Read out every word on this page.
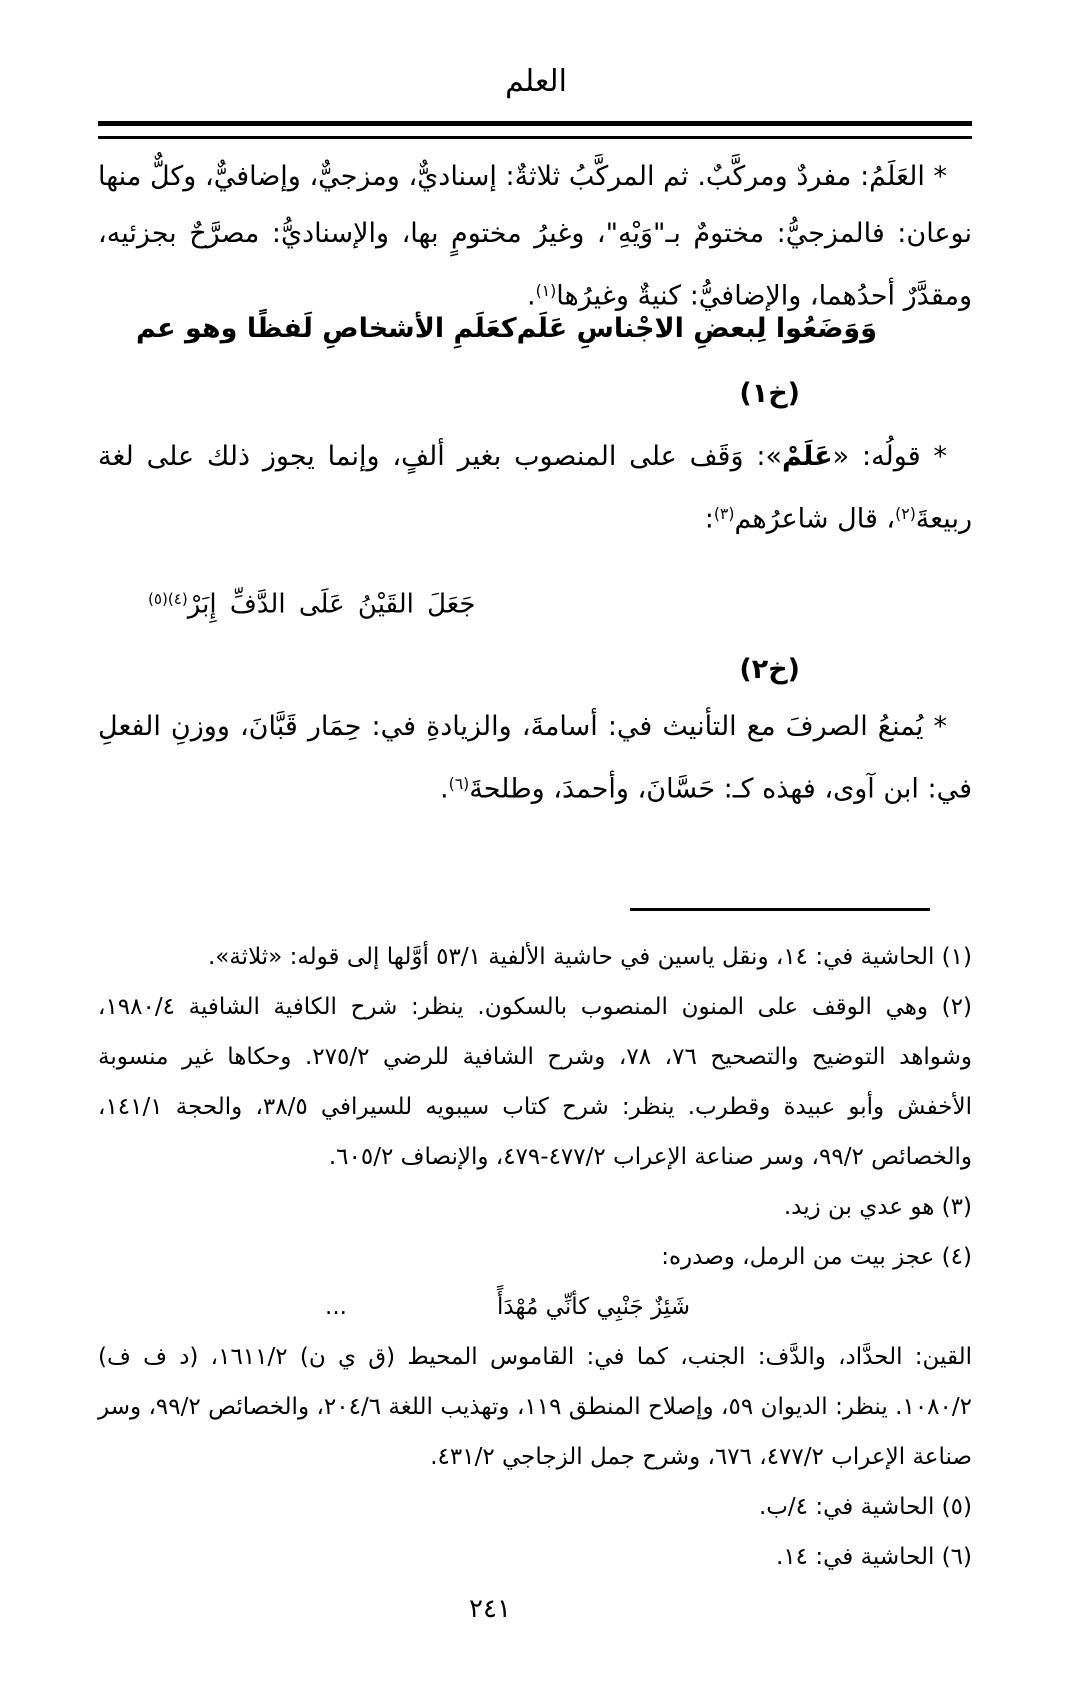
العلم
* العَلَمُ: مفردٌ ومركَّبٌ. ثم المركَّبُ ثلاثةٌ: إسناديٌّ، ومزجيٌّ، وإضافيٌّ، وكلٌّ منها نوعان: فالمزجيُّ: مختومٌ بـ"وَيْهِ"، وغيرُ مختومٍ بها، والإسناديُّ: مصرَّحٌ بجزئيه، ومقدَّرٌ أحدُهما، والإضافيُّ: كنيةٌ وغيرُها$^{(١)}$.
وَوَضَعُوا لِبعضِ الاجْناسِ عَلَم
كعَلَمِ الأشخاصِ لَفظًا وهو عم
(خ١)
* قولُه: «عَلَمْ»: وَقَف على المنصوب بغير ألفٍ، وإنما يجوز ذلك على لغة ربيعةَ$^{(٢)}$، قال شاعرُهم$^{(٣)}$:
جَعَلَ القَيْنُ عَلَى الدَّفِّ إِبَرْ$^{(٤)(٥)}$
(خ٢)
* يُمنعُ الصرفَ مع التأنيث في: أسامةَ، والزيادةِ في: حِمَار قَبَّانَ، ووزنِ الفعلِ في: ابن آوى، فهذه كـ: حَسَّانَ، وأحمدَ، وطلحةَ$^{(٦)}$.
(١) الحاشية في: ١٤، ونقل ياسين في حاشية الألفية ٥٣/١ أوَّلها إلى قوله: «ثلاثة».
(٢) وهي الوقف على المنون المنصوب بالسكون. ينظر: شرح الكافية الشافية ١٩٨٠/٤، وشواهد التوضيح والتصحيح ٧٦، ٧٨، وشرح الشافية للرضي ٢٧٥/٢. وحكاها غير منسوبة الأخفش وأبو عبيدة وقطرب. ينظر: شرح كتاب سيبويه للسيرافي ٣٨/٥، والحجة ١٤١/١، والخصائص ٩٩/٢، وسر صناعة الإعراب ٤٧٧/٢-٤٧٩، والإنصاف ٦٠٥/٢.
(٣) هو عدي بن زيد.
(٤) عجز بيت من الرمل، وصدره:
شَئِزٌ جَنْبِي كأنِّي مُهْدَأً
...
القين: الحدَّاد، والدَّف: الجنب، كما في: القاموس المحيط (ق ي ن) ١٦١١/٢، (د ف ف) ١٠٨٠/٢. ينظر: الديوان ٥٩، وإصلاح المنطق ١١٩، وتهذيب اللغة ٢٠٤/٦، والخصائص ٩٩/٢، وسر صناعة الإعراب ٤٧٧/٢، ٦٧٦، وشرح جمل الزجاجي ٤٣١/٢.
(٥) الحاشية في: ٤/ب.
(٦) الحاشية في: ١٤.
٢٤١
